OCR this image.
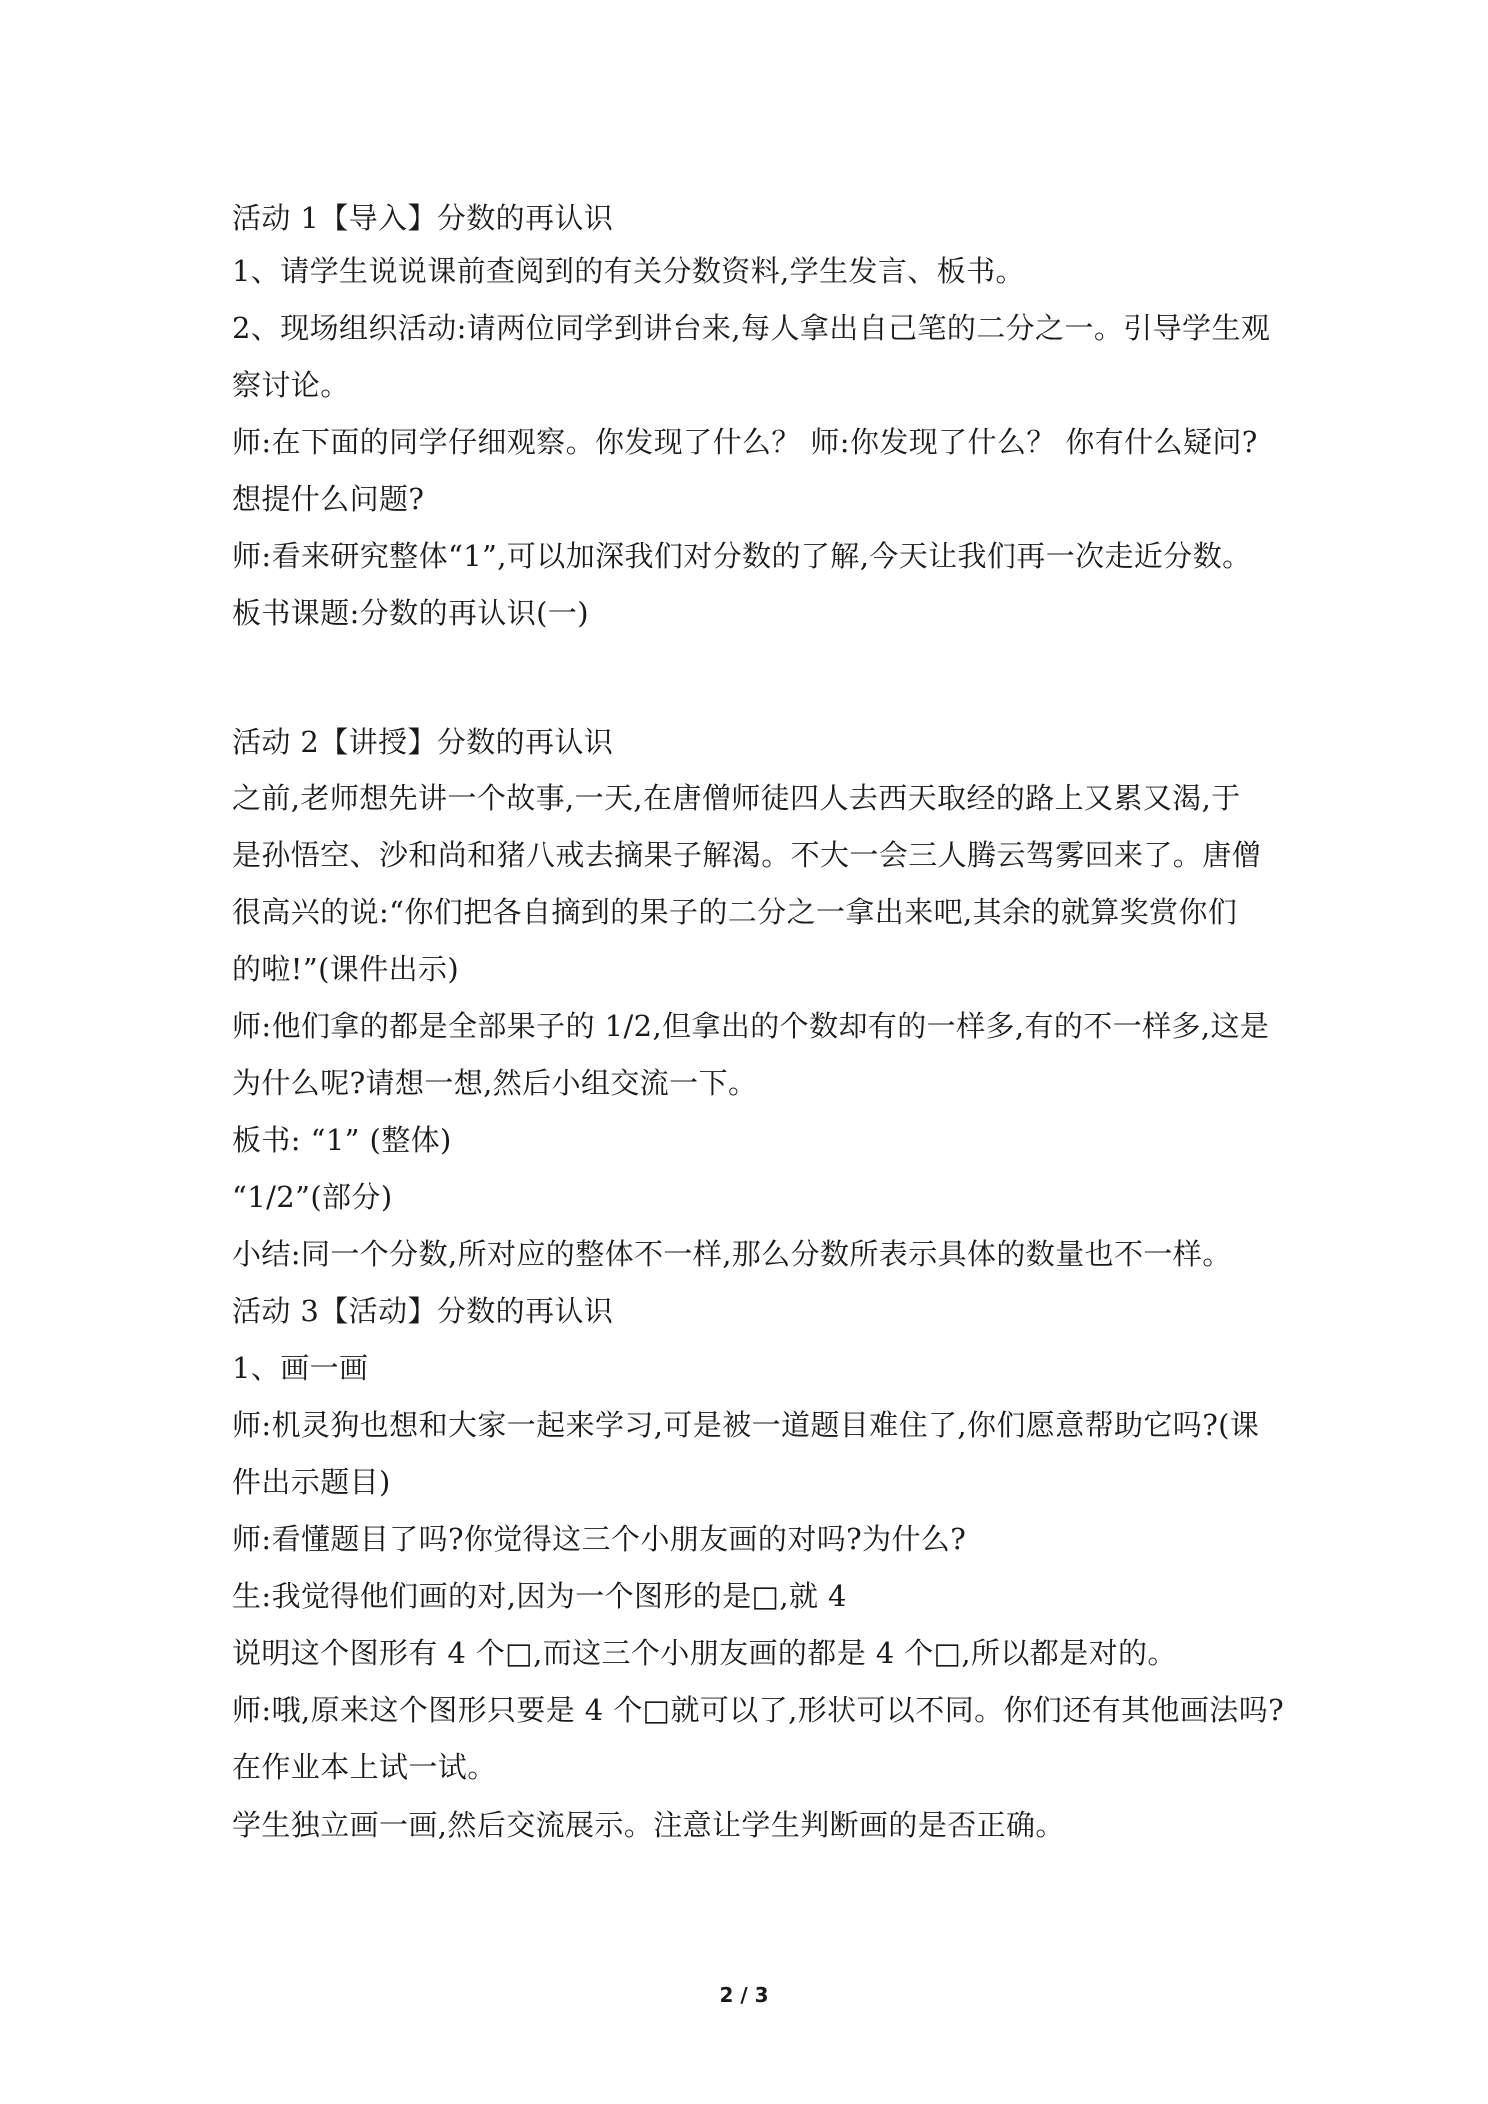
活动 1【导入】分数的再认识
1、请学生说说课前查阅到的有关分数资料,学生发言、板书。
2、现场组织活动:请两位同学到讲台来,每人拿出自己笔的二分之一。引导学生观
察讨论。
师:在下面的同学仔细观察。你发现了什么？ 师:你发现了什么？ 你有什么疑问?
想提什么问题?
师:看来研究整体“1”,可以加深我们对分数的了解,今天让我们再一次走近分数。
板书课题:分数的再认识(一)
活动 2【讲授】分数的再认识
之前,老师想先讲一个故事,一天,在唐僧师徒四人去西天取经的路上又累又渴,于
是孙悟空、沙和尚和猪八戒去摘果子解渴。不大一会三人腾云驾雾回来了。唐僧
很高兴的说:“你们把各自摘到的果子的二分之一拿出来吧,其余的就算奖赏你们
的啦!”(课件出示)
师:他们拿的都是全部果子的 1/2,但拿出的个数却有的一样多,有的不一样多,这是
为什么呢?请想一想,然后小组交流一下。
板书: “1” (整体)
“1/2”(部分)
小结:同一个分数,所对应的整体不一样,那么分数所表示具体的数量也不一样。
活动 3【活动】分数的再认识
1、画一画
师:机灵狗也想和大家一起来学习,可是被一道题目难住了,你们愿意帮助它吗?(课
件出示题目)
师:看懂题目了吗?你觉得这三个小朋友画的对吗?为什么?
生:我觉得他们画的对,因为一个图形的是□,就 4
说明这个图形有 4 个□,而这三个小朋友画的都是 4 个□,所以都是对的。
师:哦,原来这个图形只要是 4 个□就可以了,形状可以不同。你们还有其他画法吗?
在作业本上试一试。
学生独立画一画,然后交流展示。注意让学生判断画的是否正确。
2 / 3
